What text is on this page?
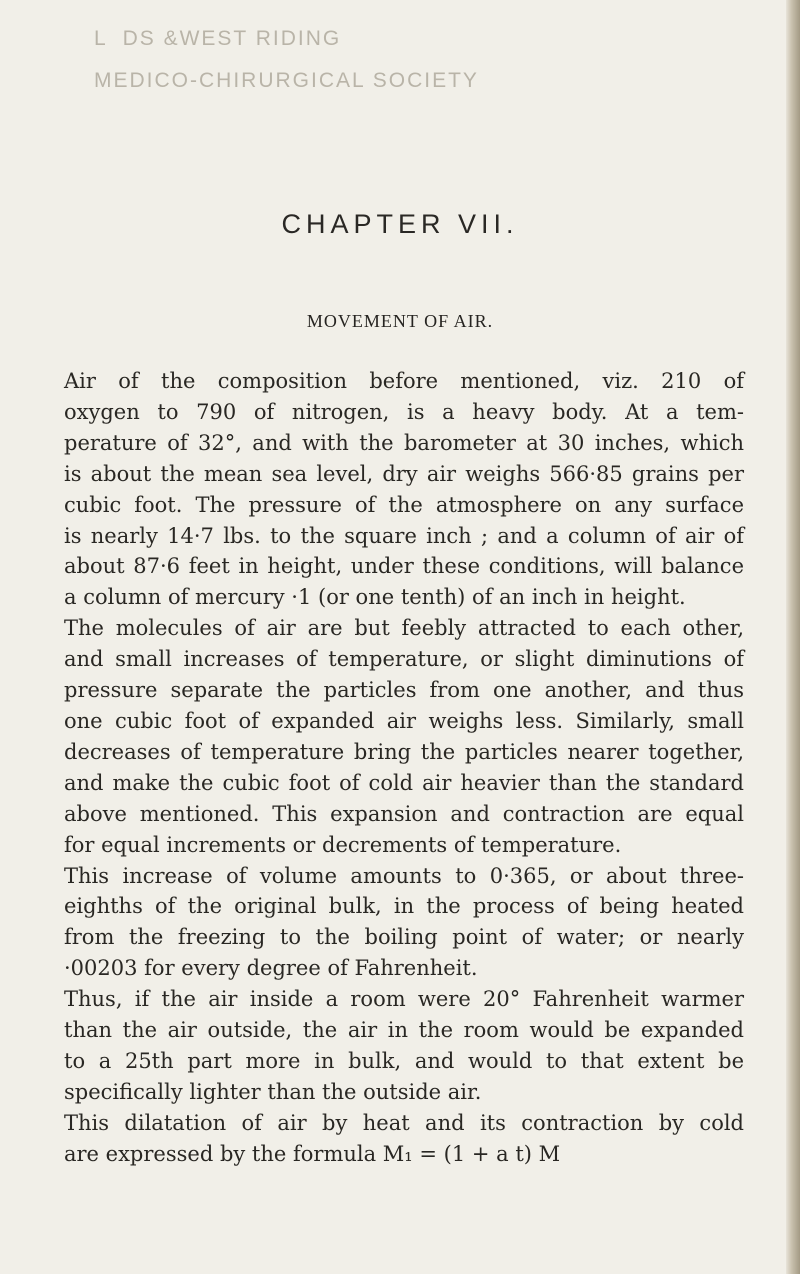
L  DS &WEST RIDING
MEDICO-CHIRURGICAL SOCIETY
CHAPTER VII.
MOVEMENT OF AIR.
Air of the composition before mentioned, viz. 210 of
oxygen to 790 of nitrogen, is a heavy body. At a tem-
perature of 32°, and with the barometer at 30 inches, which
is about the mean sea level, dry air weighs 566·85 grains per
cubic foot. The pressure of the atmosphere on any surface
is nearly 14·7 lbs. to the square inch ; and a column of air of
about 87·6 feet in height, under these conditions, will balance
a column of mercury ·1 (or one tenth) of an inch in height.
The molecules of air are but feebly attracted to each other,
and small increases of temperature, or slight diminutions of
pressure separate the particles from one another, and thus
one cubic foot of expanded air weighs less. Similarly, small
decreases of temperature bring the particles nearer together,
and make the cubic foot of cold air heavier than the standard
above mentioned. This expansion and contraction are equal
for equal increments or decrements of temperature.
This increase of volume amounts to 0·365, or about three-
eighths of the original bulk, in the process of being heated
from the freezing to the boiling point of water; or nearly
·00203 for every degree of Fahrenheit.
Thus, if the air inside a room were 20° Fahrenheit warmer
than the air outside, the air in the room would be expanded
to a 25th part more in bulk, and would to that extent be
specifically lighter than the outside air.
This dilatation of air by heat and its contraction by cold
are expressed by the formula M₁ = (1 + a t) M
